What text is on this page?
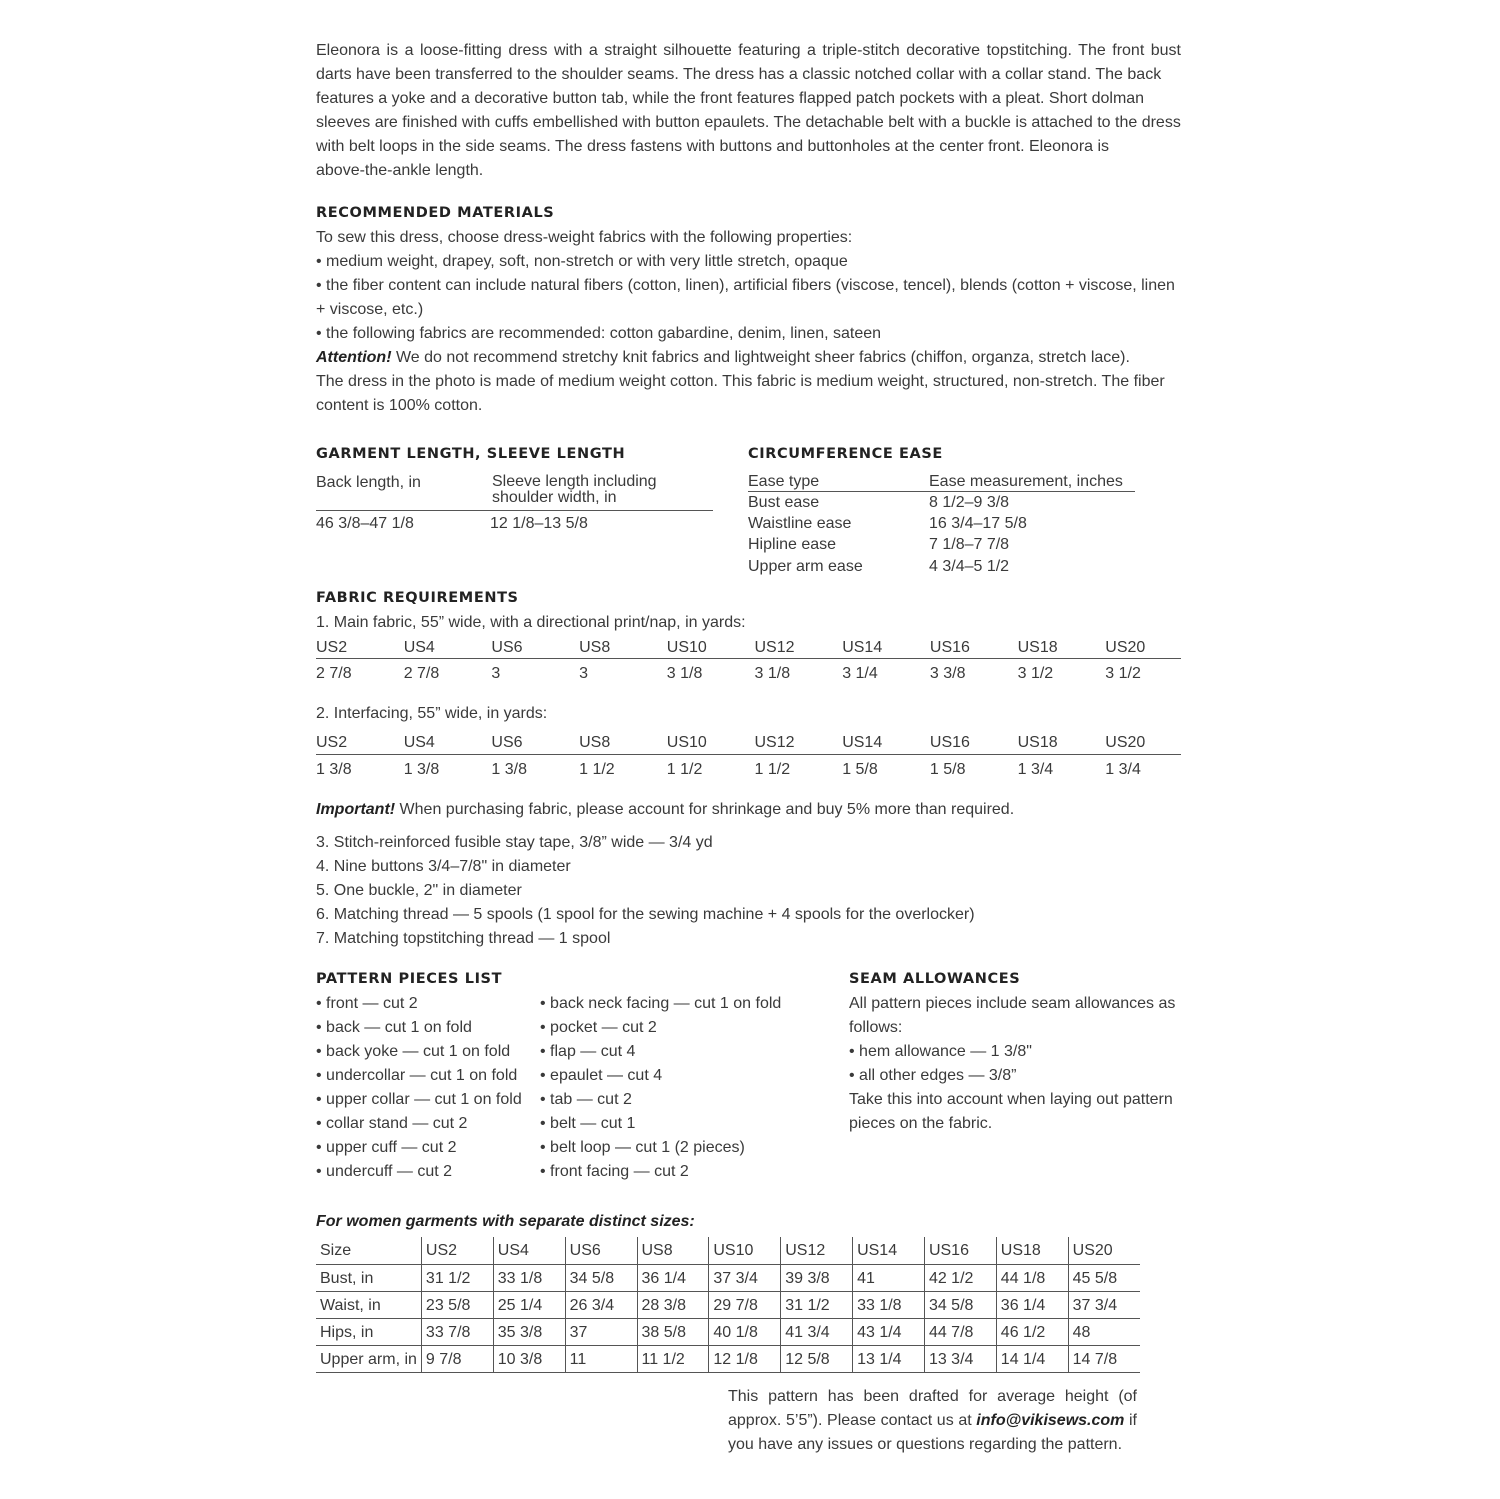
Eleonora is a loose-fitting dress with a straight silhouette featuring a triple-stitch decorative topstitching. The front bust
darts have been transferred to the shoulder seams. The dress has a classic notched collar with a collar stand. The back
features a yoke and a decorative button tab, while the front features flapped patch pockets with a pleat. Short dolman
sleeves are finished with cuffs embellished with button epaulets. The detachable belt with a buckle is attached to the dress
with belt loops in the side seams. The dress fastens with buttons and buttonholes at the center front. Eleonora is
above-the-ankle length.
RECOMMENDED MATERIALS
To sew this dress, choose dress-weight fabrics with the following properties:
• medium weight, drapey, soft, non-stretch or with very little stretch, opaque
• the fiber content can include natural fibers (cotton, linen), artificial fibers (viscose, tencel), blends (cotton + viscose, linen
+ viscose, etc.)
• the following fabrics are recommended: cotton gabardine, denim, linen, sateen
Attention! We do not recommend stretchy knit fabrics and lightweight sheer fabrics (chiffon, organza, stretch lace).
The dress in the photo is made of medium weight cotton. This fabric is medium weight, structured, non-stretch. The fiber
content is 100% cotton.
GARMENT LENGTH, SLEEVE LENGTH
Back length, in	Sleeve length including
shoulder width, in
46 3/8–47 1/8	12 1/8–13 5/8
CIRCUMFERENCE EASE
Ease type	Ease measurement, inches
Bust ease	8 1/2–9 3/8
Waistline ease	16 3/4–17 5/8
Hipline ease	7 1/8–7 7/8
Upper arm ease	4 3/4–5 1/2
FABRIC REQUIREMENTS
1. Main fabric, 55” wide, with a directional print/nap, in yards:
US2	US4	US6	US8	US10	US12	US14	US16	US18	US20
2 7/8	2 7/8	3	3	3 1/8	3 1/8	3 1/4	3 3/8	3 1/2	3 1/2
2. Interfacing, 55” wide, in yards:
US2	US4	US6	US8	US10	US12	US14	US16	US18	US20
1 3/8	1 3/8	1 3/8	1 1/2	1 1/2	1 1/2	1 5/8	1 5/8	1 3/4	1 3/4
Important! When purchasing fabric, please account for shrinkage and buy 5% more than required.
3. Stitch-reinforced fusible stay tape, 3/8” wide — 3/4 yd
4. Nine buttons 3/4–7/8" in diameter
5. One buckle, 2" in diameter
6. Matching thread — 5 spools (1 spool for the sewing machine + 4 spools for the overlocker)
7. Matching topstitching thread — 1 spool
PATTERN PIECES LIST
• front — cut 2
• back — cut 1 on fold
• back yoke — cut 1 on fold
• undercollar — cut 1 on fold
• upper collar — cut 1 on fold
• collar stand — cut 2
• upper cuff — cut 2
• undercuff — cut 2
• back neck facing — cut 1 on fold
• pocket — cut 2
• flap — cut 4
• epaulet — cut 4
• tab — cut 2
• belt — cut 1
• belt loop — cut 1 (2 pieces)
• front facing — cut 2
SEAM ALLOWANCES
All pattern pieces include seam allowances as
follows:
• hem allowance — 1 3/8"
• all other edges — 3/8”
Take this into account when laying out pattern
pieces on the fabric.
For women garments with separate distinct sizes:
Size	US2	US4	US6	US8	US10	US12	US14	US16	US18	US20
Bust, in	31 1/2	33 1/8	34 5/8	36 1/4	37 3/4	39 3/8	41	42 1/2	44 1/8	45 5/8
Waist, in	23 5/8	25 1/4	26 3/4	28 3/8	29 7/8	31 1/2	33 1/8	34 5/8	36 1/4	37 3/4
Hips, in	33 7/8	35 3/8	37	38 5/8	40 1/8	41 3/4	43 1/4	44 7/8	46 1/2	48
Upper arm, in	9 7/8	10 3/8	11	11 1/2	12 1/8	12 5/8	13 1/4	13 3/4	14 1/4	14 7/8
This pattern has been drafted for average height (of
approx. 5’5”). Please contact us at info@vikisews.com if
you have any issues or questions regarding the pattern.
